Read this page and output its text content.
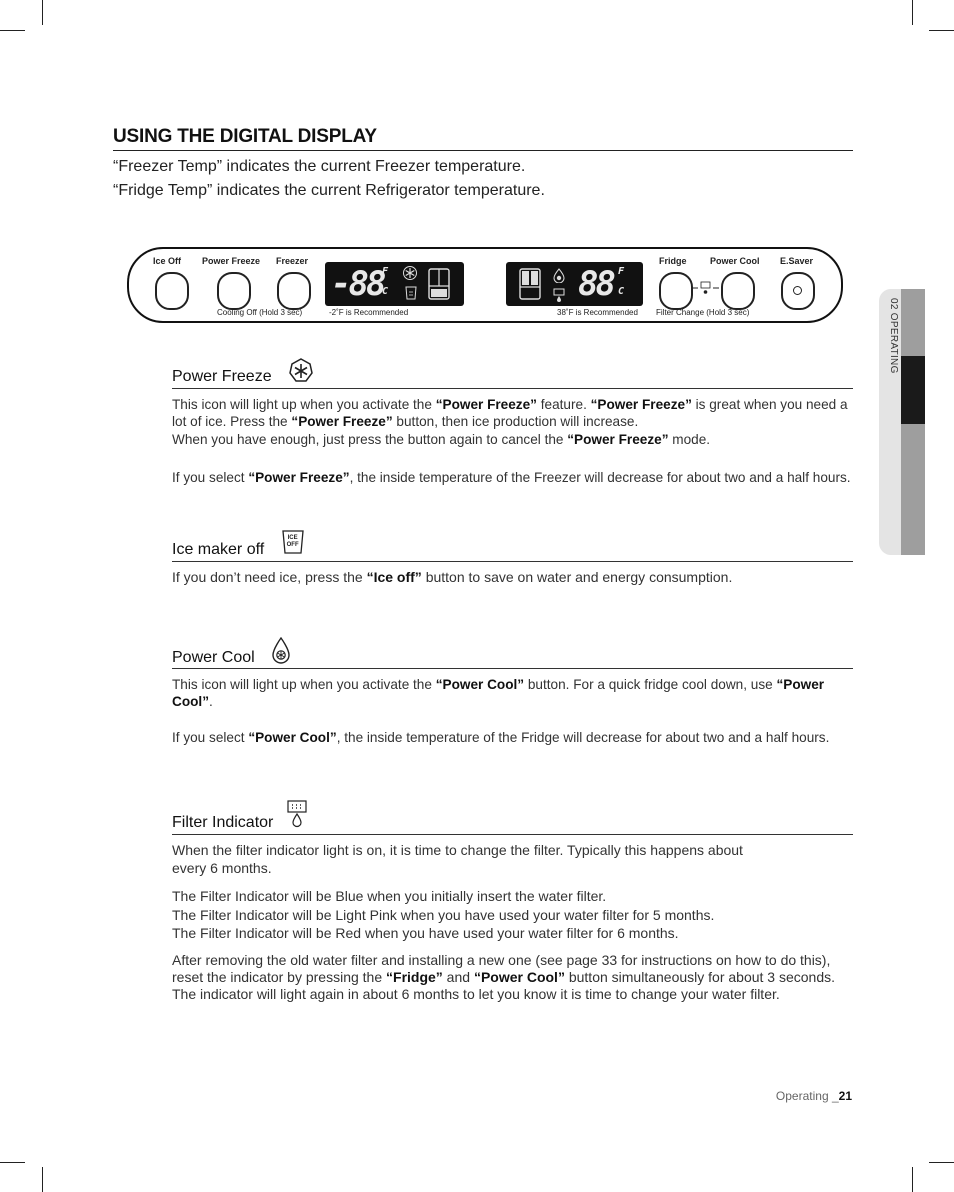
USING THE DIGITAL DISPLAY
“Freezer Temp” indicates the current Freezer temperature.
“Fridge Temp” indicates the current Refrigerator temperature.
Ice Off Power Freeze Freezer
Cooling Off (Hold 3 sec)
-88
F
C
-2˚F is Recommended
88 F
C
38˚F is Recommended
Fridge	Power Cool E.Saver
Filter Change (Hold 3 sec)
Power Freeze
This icon will light up when you activate the “Power Freeze” feature. “Power Freeze” is great when you need a lot of ice. Press the “Power Freeze” button, then ice production will increase.
When you have enough, just press the button again to cancel the “Power Freeze” mode.
If you select “Power Freeze”, the inside temperature of the Freezer will decrease for about two and a half hours.
Ice maker off
ICE
OFF
If you don’t need ice, press the “Ice off” button to save on water and energy consumption.
Power Cool
This icon will light up when you activate the “Power Cool” button. For a quick fridge cool down, use “Power Cool”.
If you select “Power Cool”, the inside temperature of the Fridge will decrease for about two and a half hours.
Filter Indicator
When the filter indicator light is on, it is time to change the filter. Typically this happens about
every 6 months.
The Filter Indicator will be Blue when you initially insert the water filter.
The Filter Indicator will be Light Pink when you have used your water filter for 5 months.
The Filter Indicator will be Red when you have used your water filter for 6 months.
After removing the old water filter and installing a new one (see page 33 for instructions on how to do this), reset the indicator by pressing the “Fridge” and “Power Cool” button simultaneously for about 3 seconds. The indicator will light again in about 6 months to let you know it is time to change your water filter.
02 OPERATING
Operating _21
